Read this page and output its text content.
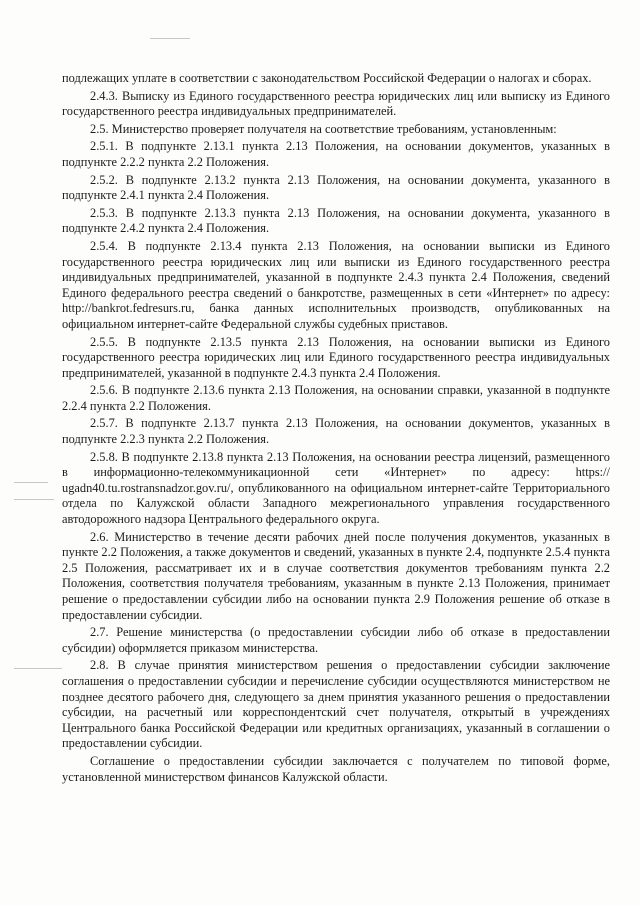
подлежащих уплате в соответствии с законодательством Российской Федерации о налогах и сборах.

2.4.3. Выписку из Единого государственного реестра юридических лиц или выписку из Единого государственного реестра индивидуальных предпринимателей.

2.5. Министерство проверяет получателя на соответствие требованиям, установленным:

2.5.1. В подпункте 2.13.1 пункта 2.13 Положения, на основании документов, указанных в подпункте 2.2.2 пункта 2.2 Положения.

2.5.2. В подпункте 2.13.2 пункта 2.13 Положения, на основании документа, указанного в подпункте 2.4.1 пункта 2.4 Положения.

2.5.3. В подпункте 2.13.3 пункта 2.13 Положения, на основании документа, указанного в подпункте 2.4.2 пункта 2.4 Положения.

2.5.4. В подпункте 2.13.4 пункта 2.13 Положения, на основании выписки из Единого государственного реестра юридических лиц или выписки из Единого государственного реестра индивидуальных предпринимателей, указанной в подпункте 2.4.3 пункта 2.4 Положения, сведений Единого федерального реестра сведений о банкротстве, размещенных в сети «Интернет» по адресу: http://bankrot.fedresurs.ru, банка данных исполнительных производств, опубликованных на официальном интернет-сайте Федеральной службы судебных приставов.

2.5.5. В подпункте 2.13.5 пункта 2.13 Положения, на основании выписки из Единого государственного реестра юридических лиц или Единого государственного реестра индивидуальных предпринимателей, указанной в подпункте 2.4.3 пункта 2.4 Положения.

2.5.6. В подпункте 2.13.6 пункта 2.13 Положения, на основании справки, указанной в подпункте 2.2.4 пункта 2.2 Положения.

2.5.7. В подпункте 2.13.7 пункта 2.13 Положения, на основании документов, указанных в подпункте 2.2.3 пункта 2.2 Положения.

2.5.8. В подпункте 2.13.8 пункта 2.13 Положения, на основании реестра лицензий, размещенного в информационно-телекоммуникационной сети «Интернет» по адресу: https:// ugadn40.tu.rostransnadzor.gov.ru/, опубликованного на официальном интернет-сайте Территориального отдела по Калужской области Западного межрегионального управления государственного автодорожного надзора Центрального федерального округа.

2.6. Министерство в течение десяти рабочих дней после получения документов, указанных в пункте 2.2 Положения, а также документов и сведений, указанных в пункте 2.4, подпункте 2.5.4 пункта 2.5 Положения, рассматривает их и в случае соответствия документов требованиям пункта 2.2 Положения, соответствия получателя требованиям, указанным в пункте 2.13 Положения, принимает решение о предоставлении субсидии либо на основании пункта 2.9 Положения решение об отказе в предоставлении субсидии.

2.7. Решение министерства (о предоставлении субсидии либо об отказе в предоставлении субсидии) оформляется приказом министерства.

2.8. В случае принятия министерством решения о предоставлении субсидии заключение соглашения о предоставлении субсидии и перечисление субсидии осуществляются министерством не позднее десятого рабочего дня, следующего за днем принятия указанного решения о предоставлении субсидии, на расчетный или корреспондентский счет получателя, открытый в учреждениях Центрального банка Российской Федерации или кредитных организациях, указанный в соглашении о предоставлении субсидии.

Соглашение о предоставлении субсидии заключается с получателем по типовой форме, установленной министерством финансов Калужской области.
